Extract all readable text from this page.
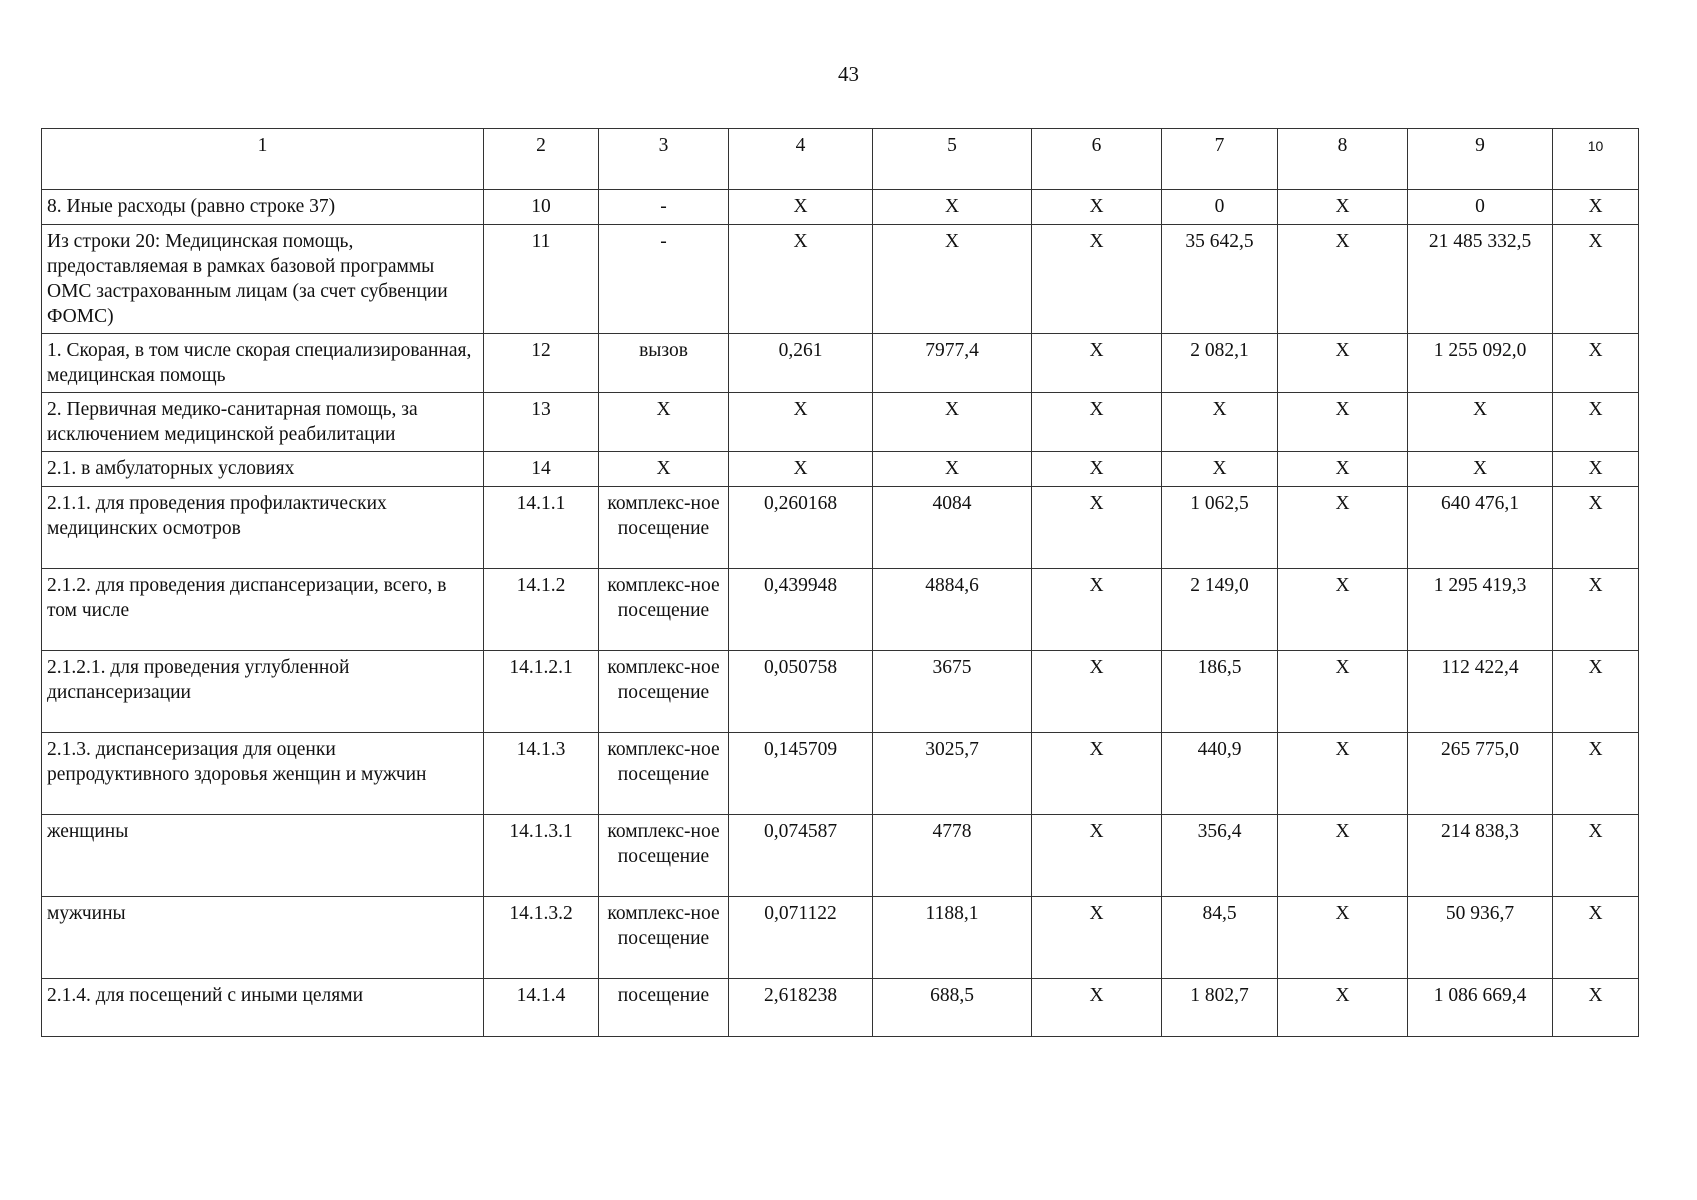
43
1	2	3	4	5	6	7	8	9	10
8. Иные расходы (равно строке 37)	10	-	X	X	X	0	X	0	X
Из строки 20: Медицинская помощь, предоставляемая в рамках базовой программы ОМС застрахованным лицам (за счет субвенции ФОМС)	11	-	X	X	X	35 642,5	X	21 485 332,5	X
1. Скорая, в том числе скорая специализированная, медицинская помощь	12	вызов	0,261	7977,4	X	2 082,1	X	1 255 092,0	X
2. Первичная медико-санитарная помощь, за исключением медицинской реабилитации	13	X	X	X	X	X	X	X	X
2.1. в амбулаторных условиях	14	X	X	X	X	X	X	X	X
2.1.1. для проведения профилактических медицинских осмотров	14.1.1	комплекс-ное посещение	0,260168	4084	X	1 062,5	X	640 476,1	X
2.1.2. для проведения диспансеризации, всего, в том числе	14.1.2	комплекс-ное посещение	0,439948	4884,6	X	2 149,0	X	1 295 419,3	X
2.1.2.1. для проведения углубленной диспансеризации	14.1.2.1	комплекс-ное посещение	0,050758	3675	X	186,5	X	112 422,4	X
2.1.3. диспансеризация для оценки репродуктивного здоровья женщин и мужчин	14.1.3	комплекс-ное посещение	0,145709	3025,7	X	440,9	X	265 775,0	X
женщины	14.1.3.1	комплекс-ное посещение	0,074587	4778	X	356,4	X	214 838,3	X
мужчины	14.1.3.2	комплекс-ное посещение	0,071122	1188,1	X	84,5	X	50 936,7	X
2.1.4. для посещений с иными целями	14.1.4	посещение	2,618238	688,5	X	1 802,7	X	1 086 669,4	X
